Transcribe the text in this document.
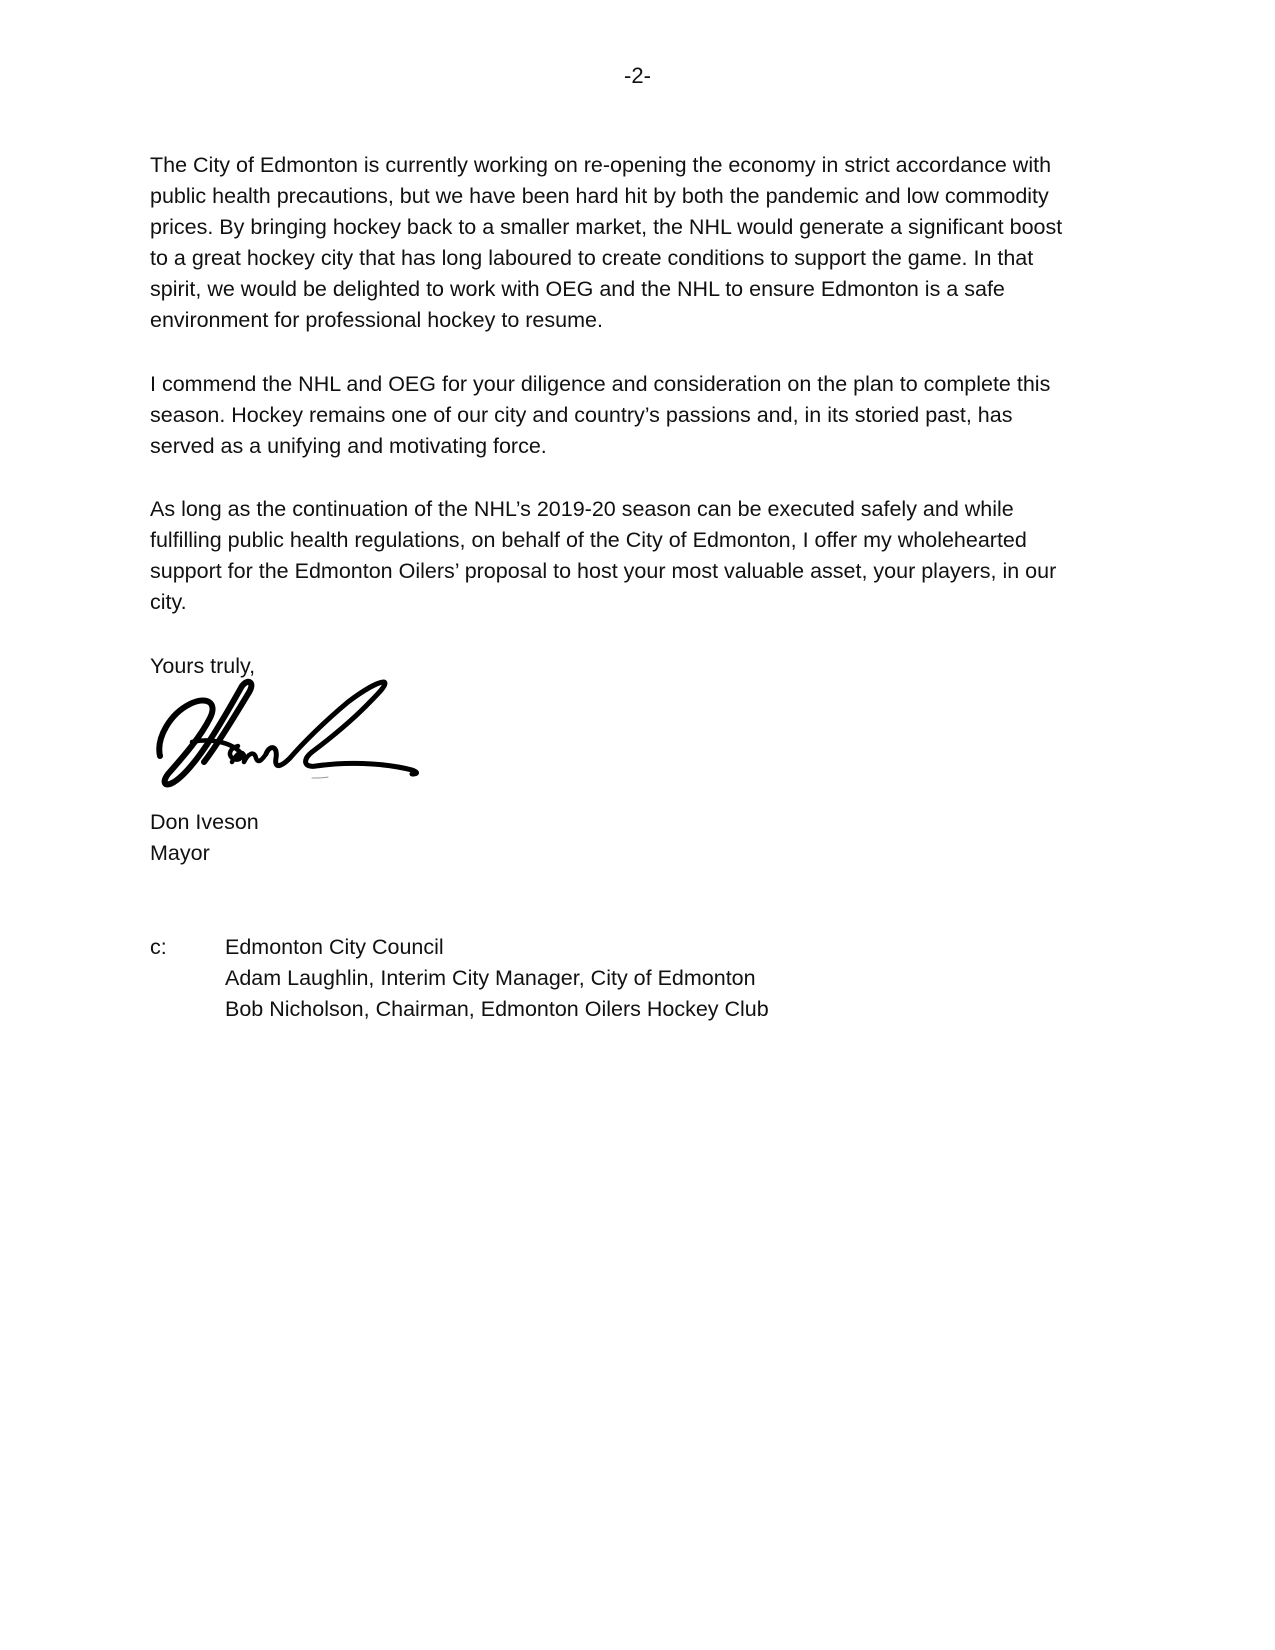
-2-

The City of Edmonton is currently working on re-opening the economy in strict accordance with
public health precautions, but we have been hard hit by both the pandemic and low commodity
prices. By bringing hockey back to a smaller market, the NHL would generate a significant boost
to a great hockey city that has long laboured to create conditions to support the game. In that
spirit, we would be delighted to work with OEG and the NHL to ensure Edmonton is a safe
environment for professional hockey to resume.

I commend the NHL and OEG for your diligence and consideration on the plan to complete this
season. Hockey remains one of our city and country’s passions and, in its storied past, has
served as a unifying and motivating force.

As long as the continuation of the NHL’s 2019-20 season can be executed safely and while
fulfilling public health regulations, on behalf of the City of Edmonton, I offer my wholehearted
support for the Edmonton Oilers’ proposal to host your most valuable asset, your players, in our
city.

Yours truly,

Don Iveson
Mayor
c:	Edmonton City Council
Adam Laughlin, Interim City Manager, City of Edmonton
Bob Nicholson, Chairman, Edmonton Oilers Hockey Club
